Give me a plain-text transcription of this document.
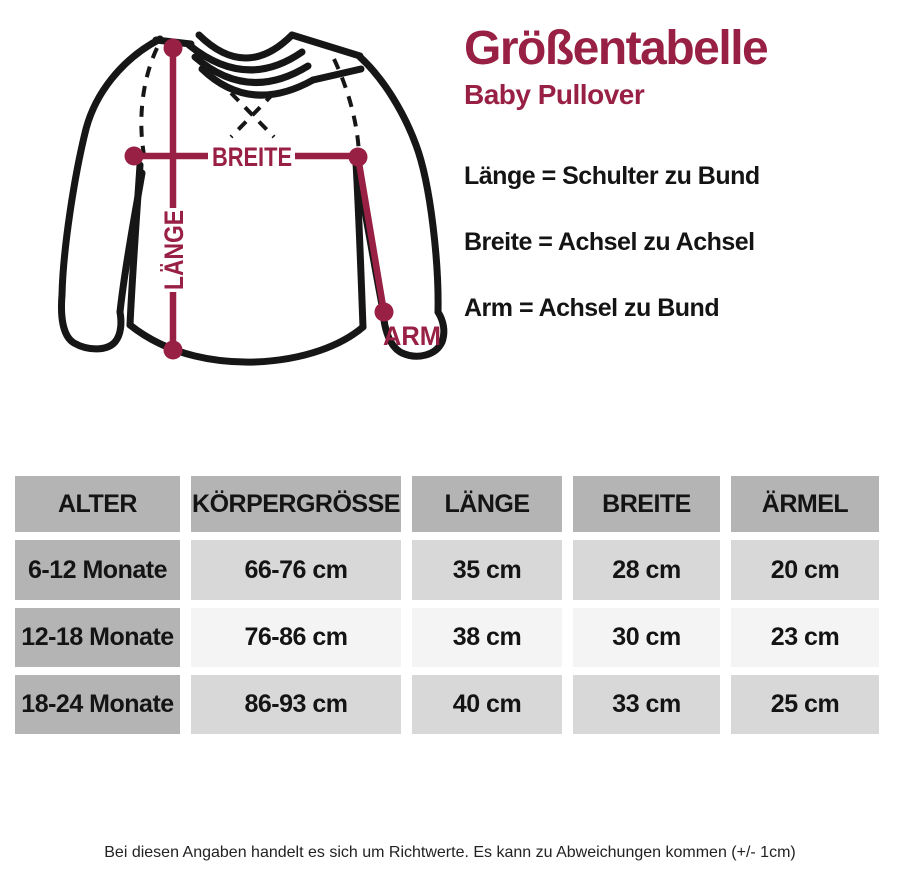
BREITE
LÄNGE
ARM
Größentabelle
Baby Pullover
Länge = Schulter zu Bund
Breite = Achsel zu Achsel
Arm = Achsel zu Bund
ALTER	KÖRPERGRÖSSE	LÄNGE	BREITE	ÄRMEL
6-12 Monate	66-76 cm	35 cm	28 cm	20 cm
12-18 Monate	76-86 cm	38 cm	30 cm	23 cm
18-24 Monate	86-93 cm	40 cm	33 cm	25 cm
Bei diesen Angaben handelt es sich um Richtwerte. Es kann zu Abweichungen kommen (+/- 1cm)
